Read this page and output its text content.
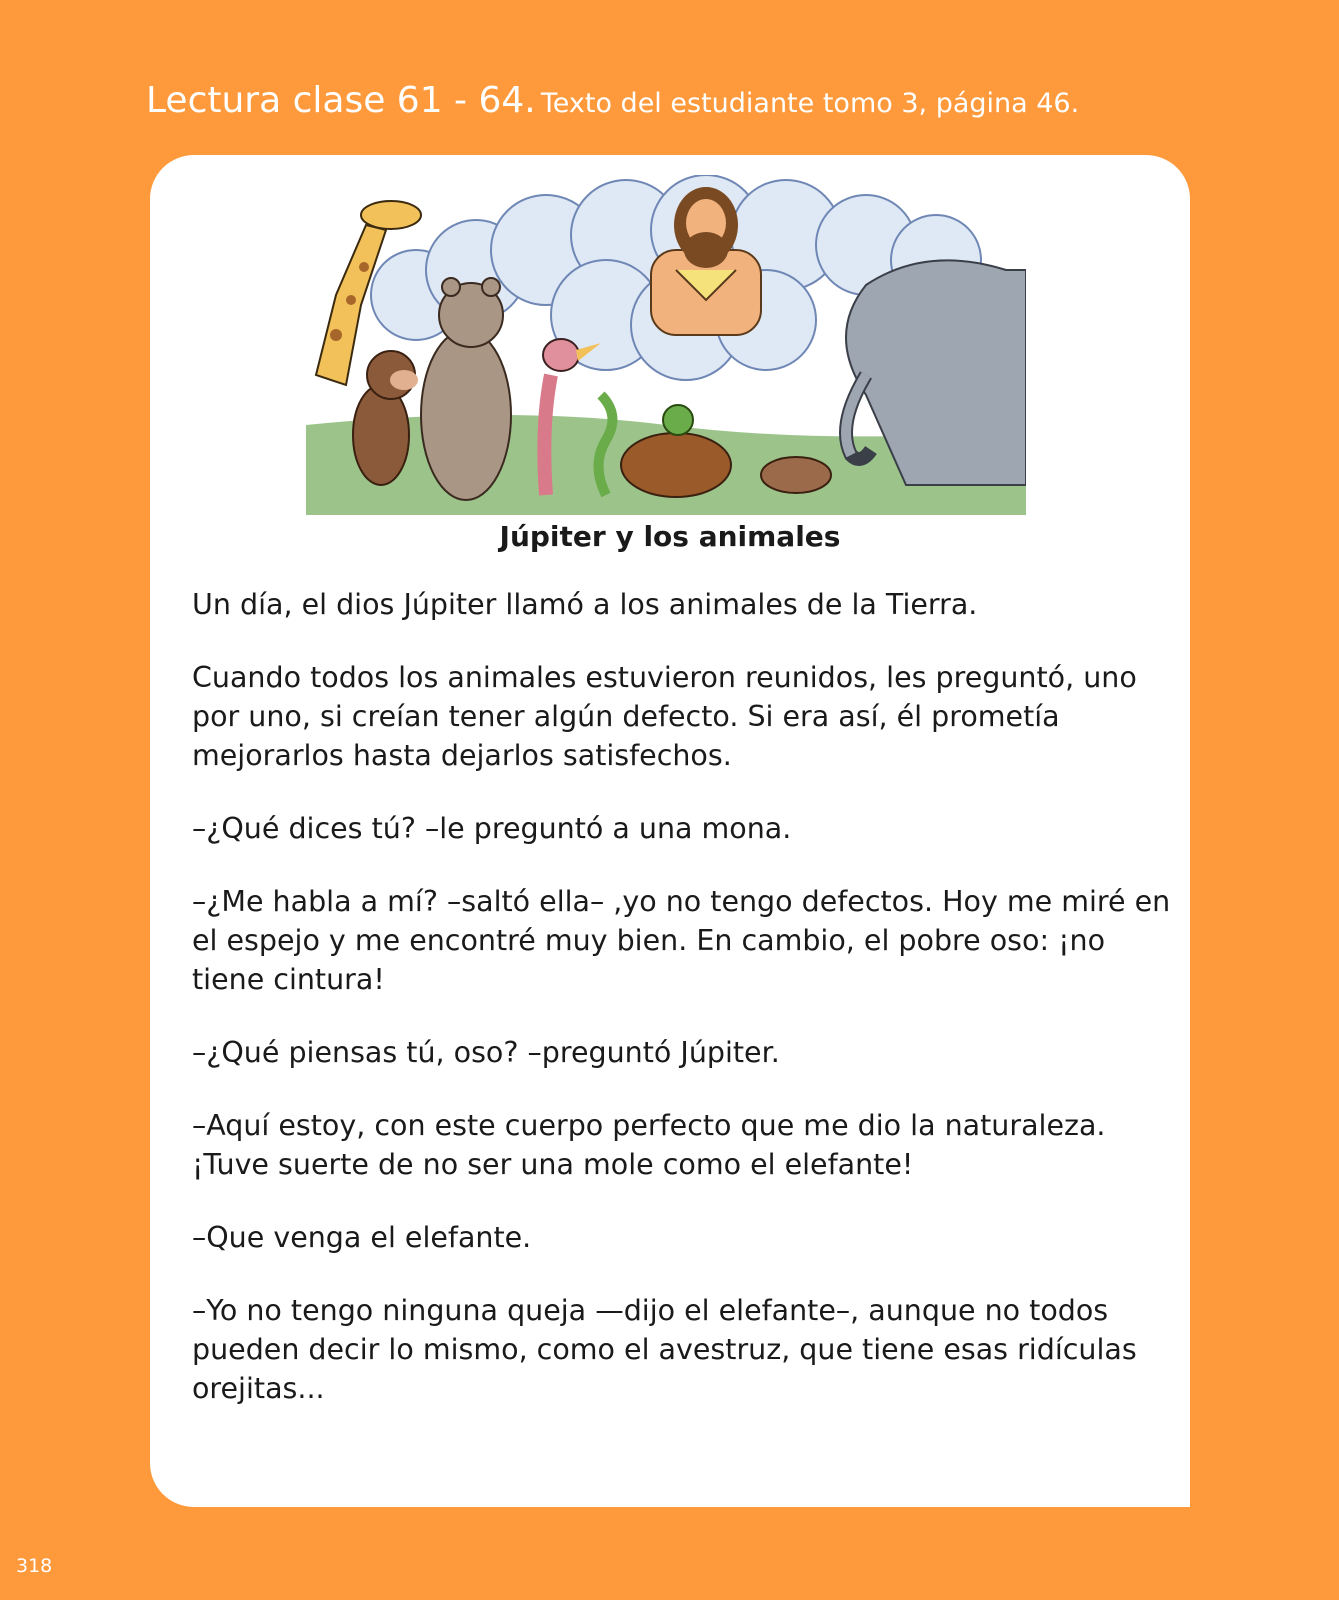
Lectura clase 61 - 64. Texto del estudiante tomo 3, página 46.
Júpiter y los animales

Un día, el dios Júpiter llamó a los animales de la Tierra.

Cuando todos los animales estuvieron reunidos, les preguntó, uno por uno, si creían tener algún defecto. Si era así, él prometía mejorarlos hasta dejarlos satisfechos.

–¿Qué dices tú? –le preguntó a una mona.

–¿Me habla a mí? –saltó ella– ,yo no tengo defectos. Hoy me miré en el espejo y me encontré muy bien. En cambio, el pobre oso: ¡no tiene cintura!

–¿Qué piensas tú, oso? –preguntó Júpiter.

–Aquí estoy, con este cuerpo perfecto que me dio la naturaleza. ¡Tuve suerte de no ser una mole como el elefante!

–Que venga el elefante.

–Yo no tengo ninguna queja —dijo el elefante–, aunque no todos pueden decir lo mismo, como el avestruz, que tiene esas ridículas orejitas...

318
